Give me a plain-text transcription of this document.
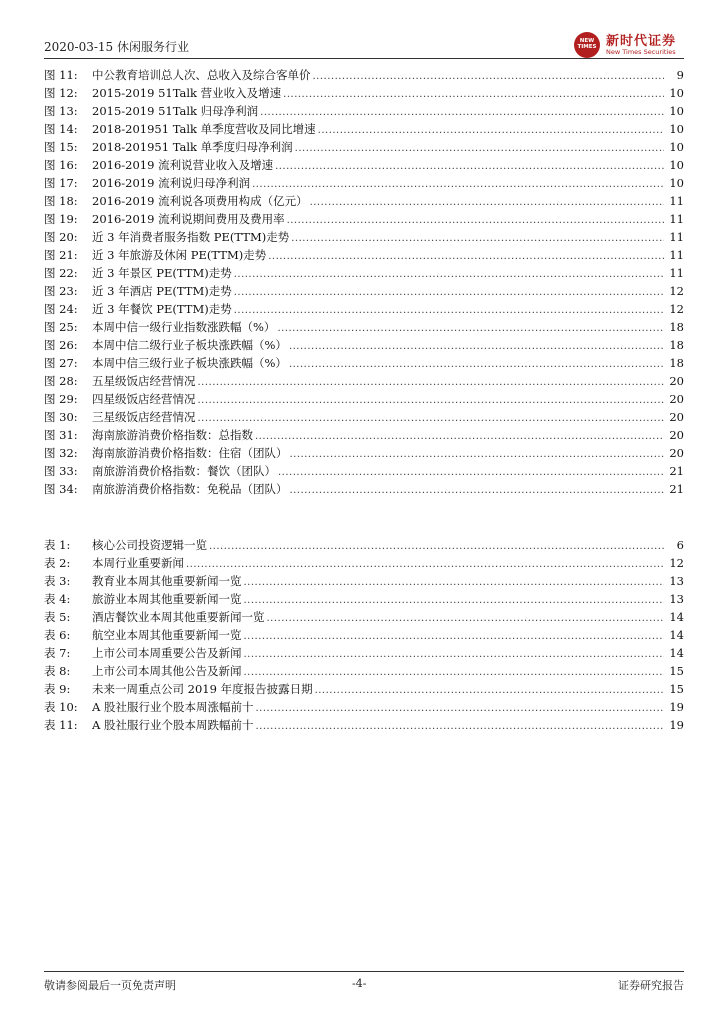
2020-03-15 休闲服务行业	NEW TIMES 新时代证券
New Times Securities
图 11:	中公教育培训总人次、总收入及综合客单价 .....	9
图 12:	2015-2019 51Talk 营业收入及增速 .....	10
图 13:	2015-2019 51Talk 归母净利润 .....	10
图 14:	2018-201951 Talk 单季度营收及同比增速 .....	10
图 15:	2018-201951 Talk 单季度归母净利润 .....	10
图 16:	2016-2019 流利说营业收入及增速 .....	10
图 17:	2016-2019 流利说归母净利润 .....	10
图 18:	2016-2019 流利说各项费用构成（亿元） .....	11
图 19:	2016-2019 流利说期间费用及费用率 .....	11
图 20:	近 3 年消费者服务指数 PE(TTM)走势 .....	11
图 21:	近 3 年旅游及休闲 PE(TTM)走势 .....	11
图 22:	近 3 年景区 PE(TTM)走势 .....	11
图 23:	近 3 年酒店 PE(TTM)走势 .....	12
图 24:	近 3 年餐饮 PE(TTM)走势 .....	12
图 25:	本周中信一级行业指数涨跌幅（%） .....	18
图 26:	本周中信二级行业子板块涨跌幅（%） .....	18
图 27:	本周中信三级行业子板块涨跌幅（%） .....	18
图 28:	五星级饭店经营情况 .....	20
图 29:	四星级饭店经营情况 .....	20
图 30:	三星级饭店经营情况 .....	20
图 31:	海南旅游消费价格指数：总指数 .....	20
图 32:	海南旅游消费价格指数：住宿（团队） .....	20
图 33:	南旅游消费价格指数：餐饮（团队） .....	21
图 34:	南旅游消费价格指数：免税品（团队） .....	21
表 1:	核心公司投资逻辑一览 .....	6
表 2:	本周行业重要新闻 .....	12
表 3:	教育业本周其他重要新闻一览 .....	13
表 4:	旅游业本周其他重要新闻一览 .....	13
表 5:	酒店餐饮业本周其他重要新闻一览 .....	14
表 6:	航空业本周其他重要新闻一览 .....	14
表 7:	上市公司本周重要公告及新闻 .....	14
表 8:	上市公司本周其他公告及新闻 .....	15
表 9:	未来一周重点公司 2019 年度报告披露日期 .....	15
表 10:	A 股社服行业个股本周涨幅前十 .....	19
表 11:	A 股社服行业个股本周跌幅前十 .....	19
敬请参阅最后一页免责声明	-4-	证券研究报告
